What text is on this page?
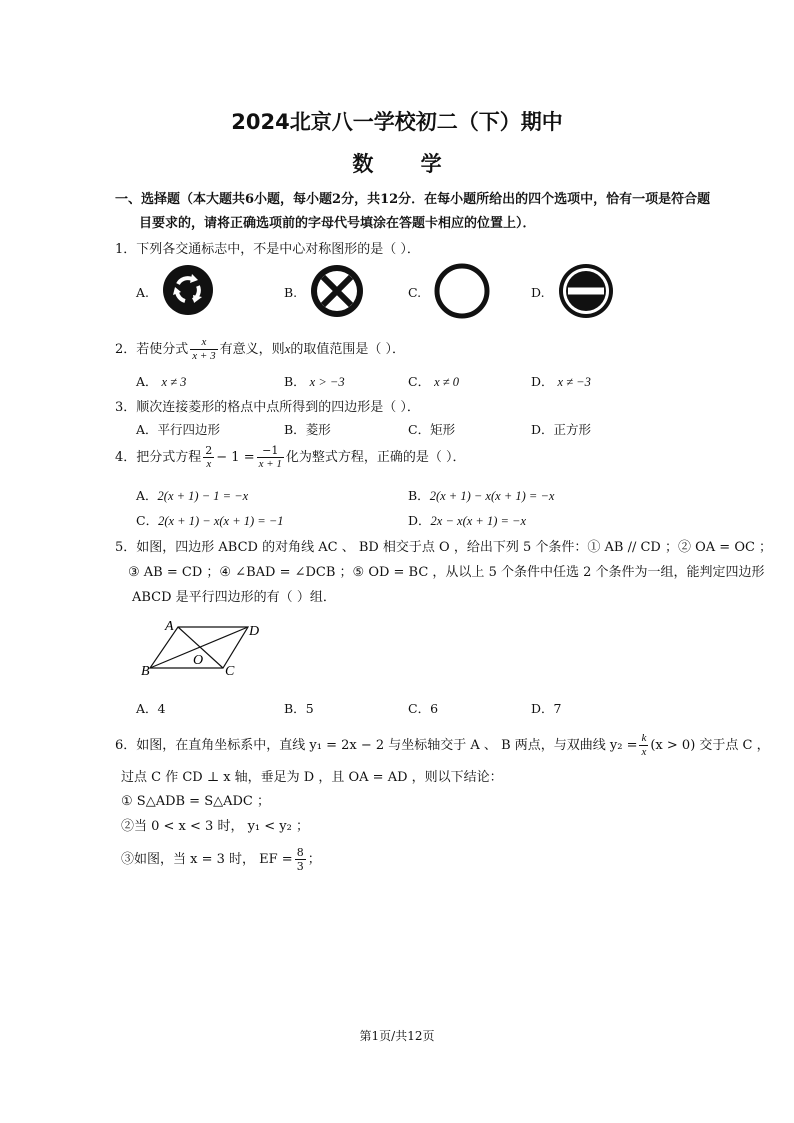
2024北京八一学校初二（下）期中
数 学
一、选择题（本大题共6小题，每小题2分，共12分．在每小题所给出的四个选项中，恰有一项是符合题
目要求的，请将正确选项前的字母代号填涂在答题卡相应的位置上）．
1．下列各交通标志中，不是中心对称图形的是（ ）．
A.	B.	C.	D.
2．若使分式 $\frac{x}{x + 3}$ 有意义，则x的取值范围是（ ）．
A． x ≠ 3	B． x > −3	C． x ≠ 0	D． x ≠ −3
3．顺次连接菱形的格点中点所得到的四边形是（ ）．
A．平行四边形	B．菱形	C．矩形	D．正方形
4．把分式方程 $\frac{2}{x} - 1 = \frac{-1}{x + 1}$ 化为整式方程，正确的是（ ）．
A．2(x + 1) − 1 = −x	B．2(x + 1) − x(x + 1) = −x
C．2(x + 1) − x(x + 1) = −1	D．2x − x(x + 1) = −x
5．如图，四边形 ABCD 的对角线 AC 、 BD 相交于点 O ，给出下列 5 个条件：① AB // CD ；② OA = OC ；
③ AB = CD ；④ ∠BAD = ∠DCB ；⑤ OD = BC ，从以上 5 个条件中任选 2 个条件为一组，能判定四边形
ABCD 是平行四边形的有（ ）组．
A	D
B	C
O
A．4	B．5	C．6	D．7
6．如图，在直角坐标系中，直线 y₁ = 2x − 2 与坐标轴交于 A 、 B 两点，与双曲线 $y_2 = \frac{k}{x} (x > 0)$ 交于点 C ，
过点 C 作 CD ⊥ x 轴，垂足为 D ，且 OA = AD ，则以下结论：
① S△ADB = S△ADC ；
②当 0 < x < 3 时， y₁ < y₂ ；
③如图，当 x = 3 时， EF = $\frac{8}{3}$ ；
第1页/共12页
